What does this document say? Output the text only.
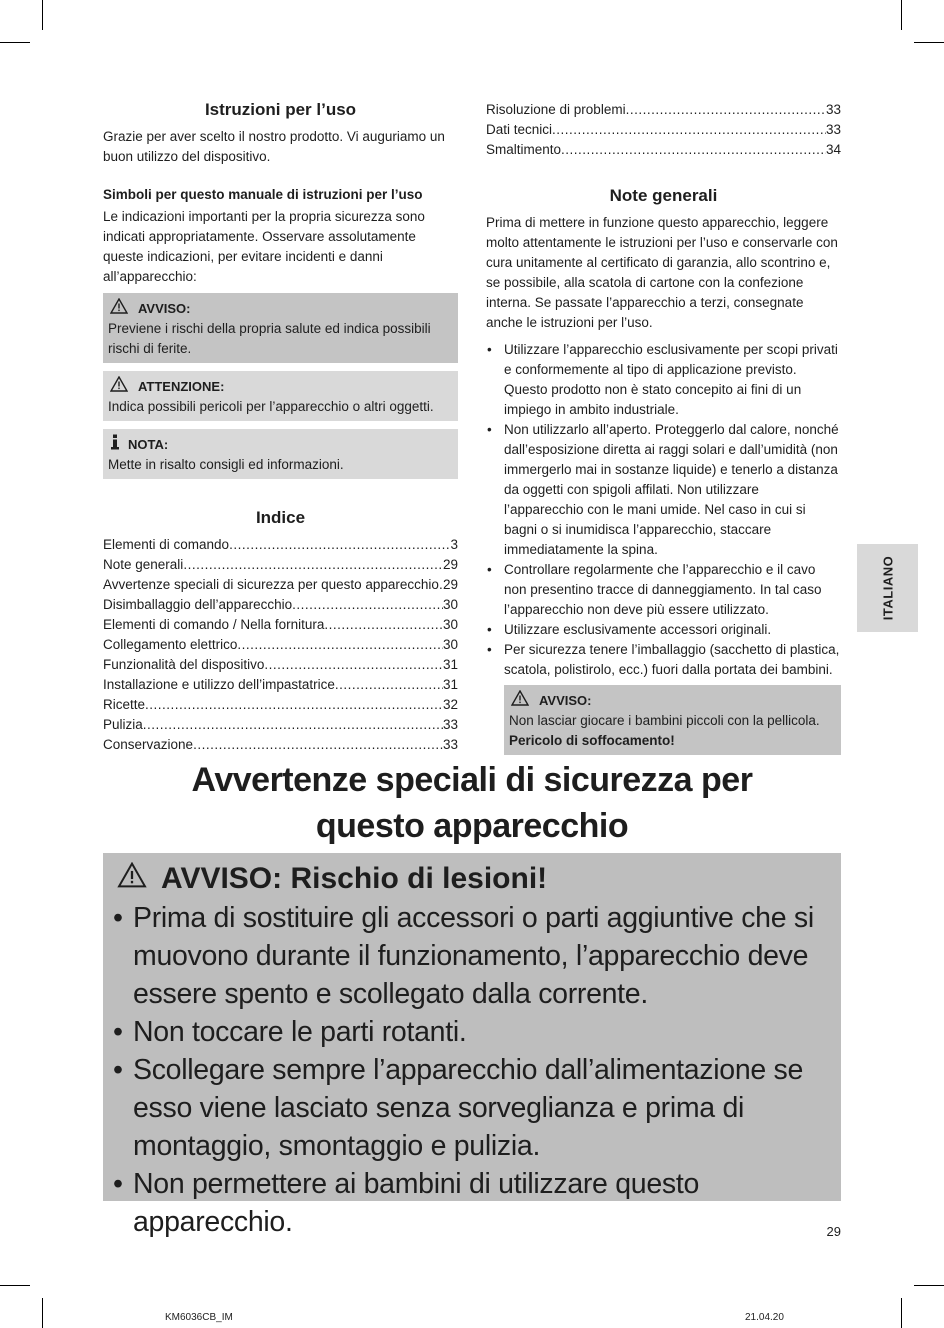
Istruzioni per l’uso

Grazie per aver scelto il nostro prodotto. Vi auguriamo un buon utilizzo del dispositivo.

Simboli per questo manuale di istruzioni per l’uso

Le indicazioni importanti per la propria sicurezza sono indicati appropriatamente. Osservare assolutamente queste indicazioni, per evitare incidenti e danni all’apparecchio:

AVVISO:
Previene i rischi della propria salute ed indica possibili rischi di ferite.
ATTENZIONE:
Indica possibili pericoli per l’apparecchio o altri oggetti.
NOTA:
Mette in risalto consigli ed informazioni.
Indice
Elementi di comando .....	3
Note generali .....	29
Avvertenze speciali di sicurezza per questo apparecchio ..... 29
Disimballaggio dell’apparecchio .....	30
Elementi di comando / Nella fornitura .....	30
Collegamento elettrico .....	30
Funzionalità del dispositivo .....	31
Installazione e utilizzo dell’impastatrice .....	31
Ricette .....	32
Pulizia .....	33
Conservazione .....	33
Risoluzione di problemi .....	33
Dati tecnici .....	33
Smaltimento .....	34
Note generali

Prima di mettere in funzione questo apparecchio, leggere molto attentamente le istruzioni per l’uso e conservarle con cura unitamente al certificato di garanzia, allo scontrino e, se possibile, alla scatola di cartone con la confezione interna. Se passate l’apparecchio a terzi, consegnate anche le istruzioni per l’uso.

• Utilizzare l’apparecchio esclusivamente per scopi privati e conformemente al tipo di applicazione previsto. Questo prodotto non è stato concepito ai fini di un impiego in ambito industriale.
• Non utilizzarlo all’aperto. Proteggerlo dal calore, nonché dall’esposizione diretta ai raggi solari e dall’umidità (non immergerlo mai in sostanze liquide) e tenerlo a distanza da oggetti con spigoli affilati. Non utilizzare l’apparecchio con le mani umide. Nel caso in cui si bagni o si inumidisca l’apparecchio, staccare immediatamente la spina.
• Controllare regolarmente che l’apparecchio e il cavo non presentino tracce di danneggiamento. In tal caso l’apparecchio non deve più essere utilizzato.
• Utilizzare esclusivamente accessori originali.
• Per sicurezza tenere l’imballaggio (sacchetto di plastica, scatola, polistirolo, ecc.) fuori dalla portata dei bambini.
AVVISO:
Non lasciar giocare i bambini piccoli con la pellicola.
Pericolo di soffocamento!
ITALIANO
Avvertenze speciali di sicurezza per
questo apparecchio
AVVISO: Rischio di lesioni!
• Prima di sostituire gli accessori o parti aggiuntive che si muovono durante il funzionamento, l’apparecchio deve essere spento e scollegato dalla corrente.
• Non toccare le parti rotanti.
• Scollegare sempre l’apparecchio dall’alimentazione se esso viene lasciato senza sorveglianza e prima di montaggio, smontaggio e pulizia.
• Non permettere ai bambini di utilizzare questo apparecchio.	29
KM6036CB_IM	21.04.20
